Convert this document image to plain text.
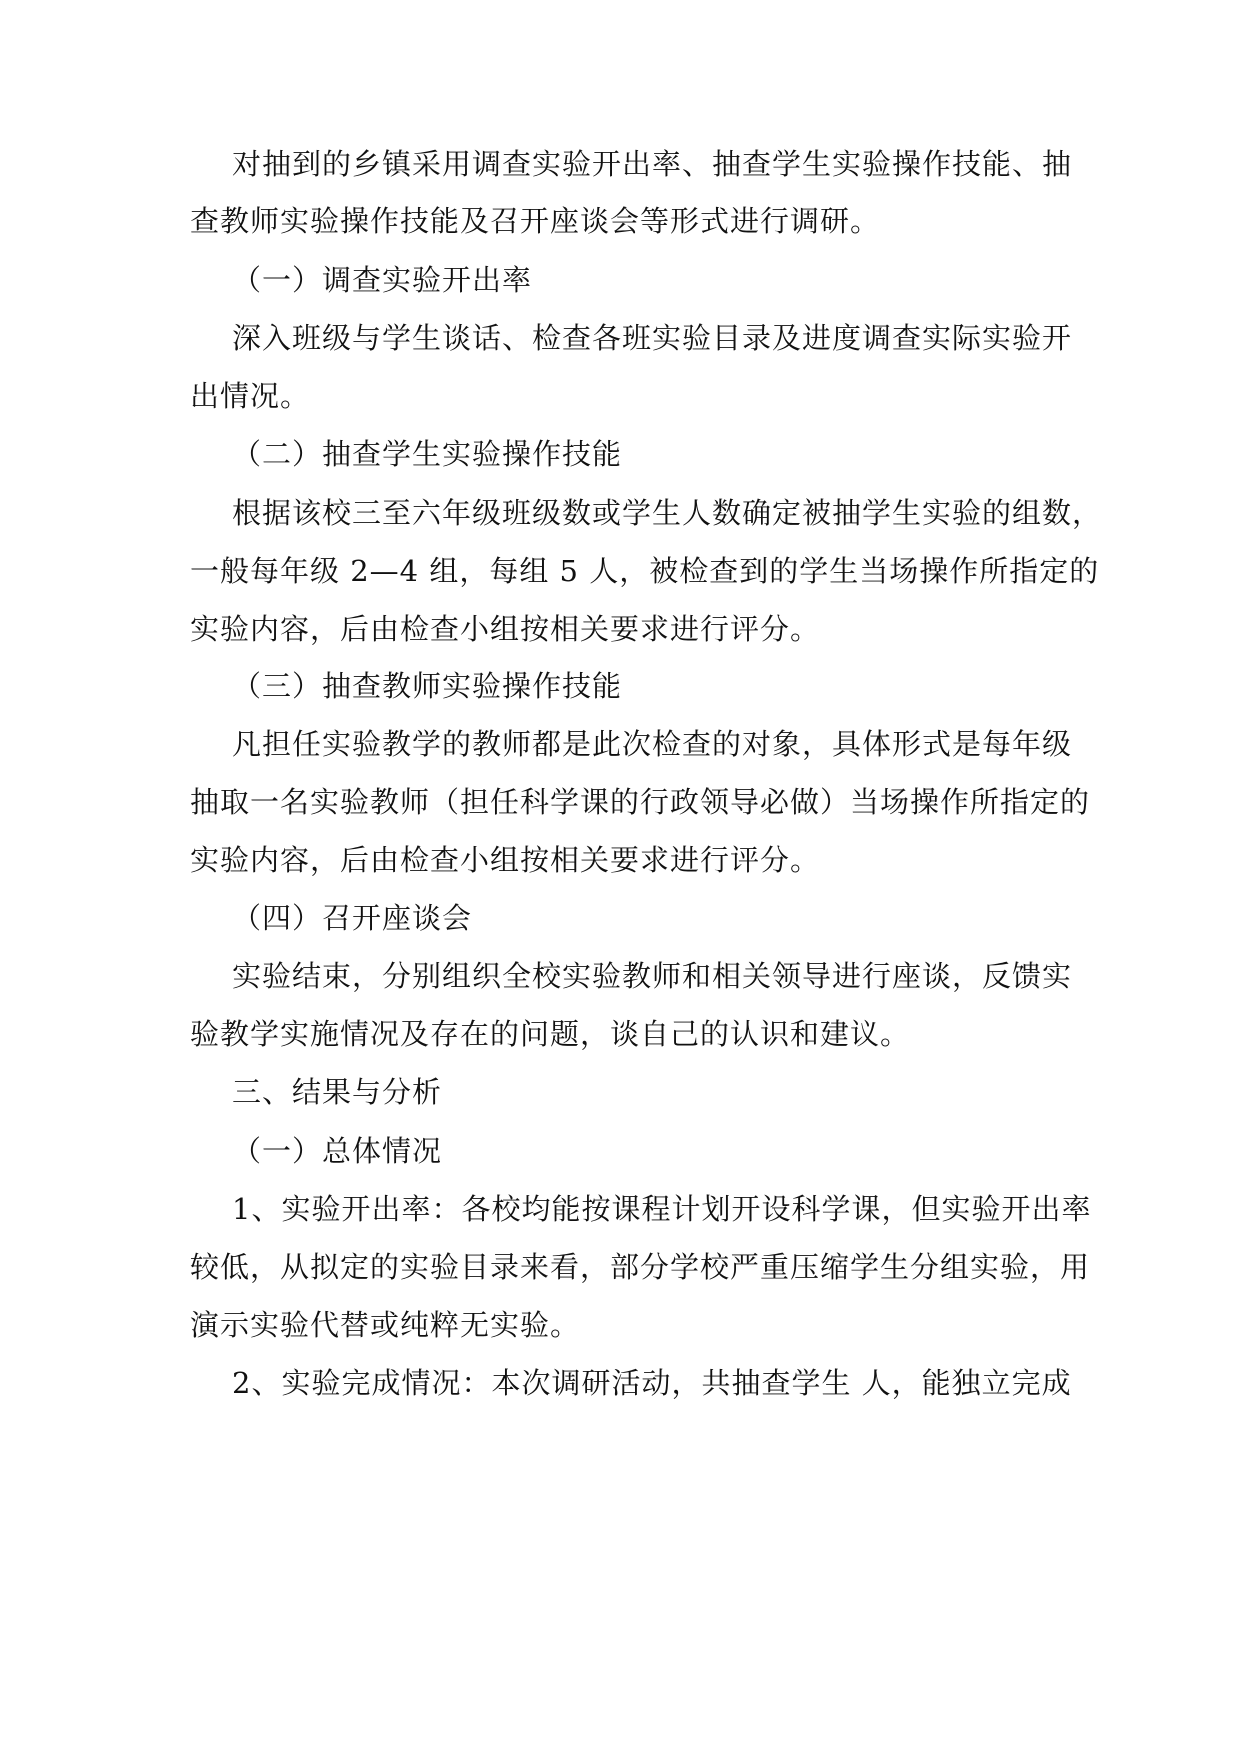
对抽到的乡镇采用调查实验开出率、抽查学生实验操作技能、抽
查教师实验操作技能及召开座谈会等形式进行调研。
（一）调查实验开出率
深入班级与学生谈话、检查各班实验目录及进度调查实际实验开
出情况。
（二）抽查学生实验操作技能
根据该校三至六年级班级数或学生人数确定被抽学生实验的组数，
一般每年级 2—4 组，每组 5 人，被检查到的学生当场操作所指定的
实验内容，后由检查小组按相关要求进行评分。
（三）抽查教师实验操作技能
凡担任实验教学的教师都是此次检查的对象，具体形式是每年级
抽取一名实验教师（担任科学课的行政领导必做）当场操作所指定的
实验内容，后由检查小组按相关要求进行评分。
（四）召开座谈会
实验结束，分别组织全校实验教师和相关领导进行座谈，反馈实
验教学实施情况及存在的问题，谈自己的认识和建议。
三、结果与分析
（一）总体情况
1、实验开出率：各校均能按课程计划开设科学课，但实验开出率
较低，从拟定的实验目录来看，部分学校严重压缩学生分组实验，用
演示实验代替或纯粹无实验。
2、实验完成情况：本次调研活动，共抽查学生 人，能独立完成
